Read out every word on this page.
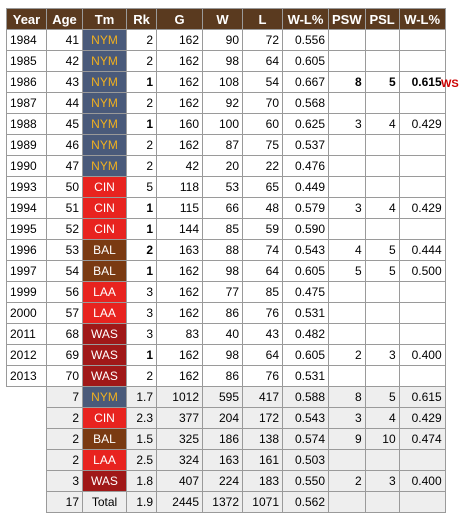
Year	Age	Tm	Rk	G	W	L	W-L%	PSW	PSL	W-L%
1984	41	NYM	2	162	90	72	0.556			
1985	42	NYM	2	162	98	64	0.605			
1986	43	NYM	1	162	108	54	0.667	8	5	0.615
1987	44	NYM	2	162	92	70	0.568			
1988	45	NYM	1	160	100	60	0.625	3	4	0.429
1989	46	NYM	2	162	87	75	0.537			
1990	47	NYM	2	42	20	22	0.476			
1993	50	CIN	5	118	53	65	0.449			
1994	51	CIN	1	115	66	48	0.579	3	4	0.429
1995	52	CIN	1	144	85	59	0.590			
1996	53	BAL	2	163	88	74	0.543	4	5	0.444
1997	54	BAL	1	162	98	64	0.605	5	5	0.500
1999	56	LAA	3	162	77	85	0.475			
2000	57	LAA	3	162	86	76	0.531			
2011	68	WAS	3	83	40	43	0.482			
2012	69	WAS	1	162	98	64	0.605	2	3	0.400
2013	70	WAS	2	162	86	76	0.531			
	7	NYM	1.7	1012	595	417	0.588	8	5	0.615
	2	CIN	2.3	377	204	172	0.543	3	4	0.429
	2	BAL	1.5	325	186	138	0.574	9	10	0.474
	2	LAA	2.5	324	163	161	0.503			
	3	WAS	1.8	407	224	183	0.550	2	3	0.400
	17	Total	1.9	2445	1372	1071	0.562			
WS
